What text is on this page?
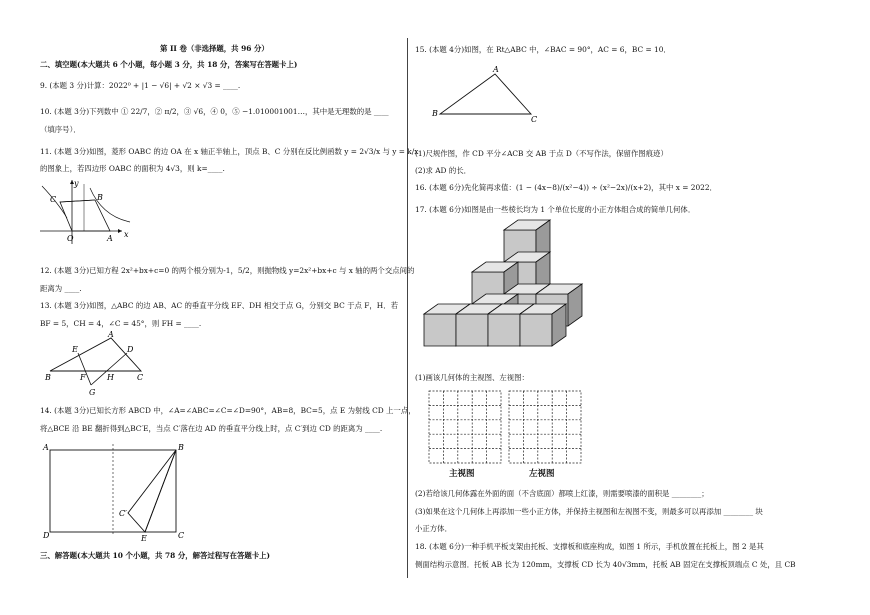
第 II 卷（非选择题，共 96 分）
二、填空题(本大题共 6 个小题，每小题 3 分，共 18 分，答案写在答题卡上)
9. (本题 3 分)计算：2022⁰ + |1 − √6| + √2 × √3 = ____.
10. (本题 3分)下列数中 ① 22/7，② π/2，③ √6，④ 0，⑤ −1.010001001…，其中是无理数的是 ____
（填序号）．
11. (本题 3分)如图，菱形 OABC 的边 OA 在 x 轴正半轴上，顶点 B、C 分别在反比例函数 y = 2√3/x 与 y = k/x
的图象上，若四边形 OABC 的面积为 4√3，则 k=____.
C	B
O	A x
y
12. (本题 3分)已知方程 2x²+bx+c=0 的两个根分别为-1，5/2，则抛物线 y=2x²+bx+c 与 x 轴的两个交点间的
距离为 ____.
13. (本题 3分)如图，△ABC 的边 AB、AC 的垂直平分线 EF、DH 相交于点 G，分别交 BC 于点 F，H．若
BF = 5，CH = 4，∠C = 45°，则 FH = ____.
B
A
C
E	D
F	H
G
14. (本题 3分)已知长方形 ABCD 中，∠A=∠ABC=∠C=∠D=90°，AB=8，BC=5，点 E 为射线 CD 上一点，
将△BCE 沿 BE 翻折得到△BC′E，当点 C′落在边 AD 的垂直平分线上时，点 C′到边 CD 的距离为 ____.
A	B
C
D
C′
E
三、解答题(本大题共 10 个小题，共 78 分，解答过程写在答题卡上)
15. (本题 4分)如图，在 Rt△ABC 中，∠BAC = 90°，AC = 6，BC = 10．
A
B
C
(1)尺规作图，作 CD 平分∠ACB 交 AB 于点 D（不写作法，保留作图痕迹）
(2)求 AD 的长．
16. (本题 6分)先化简再求值：(1 − (4x−8)/(x²−4)) ÷ (x²−2x)/(x+2)，其中 x = 2022．
17. (本题 6分)如图是由一些棱长均为 1 个单位长度的小正方体组合成的简单几何体．
(1)画该几何体的主视图、左视图：
主视图	左视图
(2)若给该几何体露在外面的面（不含底面）都喷上红漆，则需要喷漆的面积是 ________；
(3)如果在这个几何体上再添加一些小正方体，并保持主视图和左视图不变，则最多可以再添加 ________ 块
小正方体．
18. (本题 6分)一种手机平板支架由托板、支撑板和底座构成，如图 1 所示，手机放置在托板上，图 2 是其
侧面结构示意图．托板 AB 长为 120mm，支撑板 CD 长为 40√3mm，托板 AB 固定在支撑板顶端点 C 处，且 CB
